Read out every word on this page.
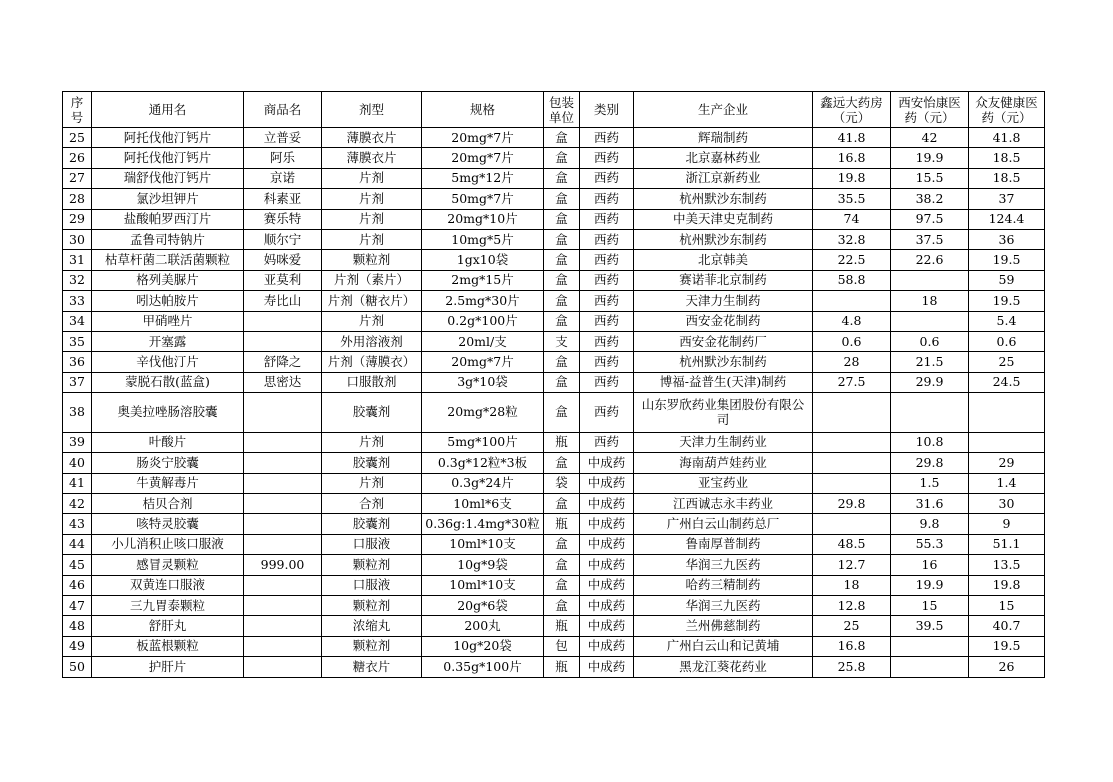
序号	通用名	商品名	剂型	规格	包装单位	类别	生产企业	鑫远大药房（元）	西安怡康医药（元）	众友健康医药（元）
25	阿托伐他汀钙片	立普妥	薄膜衣片	20mg*7片	盒	西药	辉瑞制药	41.8	42	41.8
26	阿托伐他汀钙片	阿乐	薄膜衣片	20mg*7片	盒	西药	北京嘉林药业	16.8	19.9	18.5
27	瑞舒伐他汀钙片	京诺	片剂	5mg*12片	盒	西药	浙江京新药业	19.8	15.5	18.5
28	氯沙坦钾片	科素亚	片剂	50mg*7片	盒	西药	杭州默沙东制药	35.5	38.2	37
29	盐酸帕罗西汀片	赛乐特	片剂	20mg*10片	盒	西药	中美天津史克制药	74	97.5	124.4
30	孟鲁司特钠片	顺尔宁	片剂	10mg*5片	盒	西药	杭州默沙东制药	32.8	37.5	36
31	枯草杆菌二联活菌颗粒	妈咪爱	颗粒剂	1gx10袋	盒	西药	北京韩美	22.5	22.6	19.5
32	格列美脲片	亚莫利	片剂（素片）	2mg*15片	盒	西药	赛诺菲北京制药	58.8		59
33	吲达帕胺片	寿比山	片剂（糖衣片）	2.5mg*30片	盒	西药	天津力生制药		18	19.5
34	甲硝唑片		片剂	0.2g*100片	盒	西药	西安金花制药	4.8		5.4
35	开塞露		外用溶液剂	20ml/支	支	西药	西安金花制药厂	0.6	0.6	0.6
36	辛伐他汀片	舒降之	片剂（薄膜衣）	20mg*7片	盒	西药	杭州默沙东制药	28	21.5	25
37	蒙脱石散(蓝盒)	思密达	口服散剂	3g*10袋	盒	西药	博福-益普生(天津)制药	27.5	29.9	24.5
38	奥美拉唑肠溶胶囊		胶囊剂	20mg*28粒	盒	西药	山东罗欣药业集团股份有限公司			
39	叶酸片		片剂	5mg*100片	瓶	西药	天津力生制药业		10.8	
40	肠炎宁胶囊		胶囊剂	0.3g*12粒*3板	盒	中成药	海南葫芦娃药业		29.8	29
41	牛黄解毒片		片剂	0.3g*24片	袋	中成药	亚宝药业		1.5	1.4
42	桔贝合剂		合剂	10ml*6支	盒	中成药	江西诚志永丰药业	29.8	31.6	30
43	咳特灵胶囊		胶囊剂	0.36g:1.4mg*30粒	瓶	中成药	广州白云山制药总厂		9.8	9
44	小儿消积止咳口服液		口服液	10ml*10支	盒	中成药	鲁南厚普制药	48.5	55.3	51.1
45	感冒灵颗粒	999.00	颗粒剂	10g*9袋	盒	中成药	华润三九医药	12.7	16	13.5
46	双黄连口服液		口服液	10ml*10支	盒	中成药	哈药三精制药	18	19.9	19.8
47	三九胃泰颗粒		颗粒剂	20g*6袋	盒	中成药	华润三九医药	12.8	15	15
48	舒肝丸		浓缩丸	200丸	瓶	中成药	兰州佛慈制药	25	39.5	40.7
49	板蓝根颗粒		颗粒剂	10g*20袋	包	中成药	广州白云山和记黄埔	16.8		19.5
50	护肝片		糖衣片	0.35g*100片	瓶	中成药	黑龙江葵花药业	25.8		26
